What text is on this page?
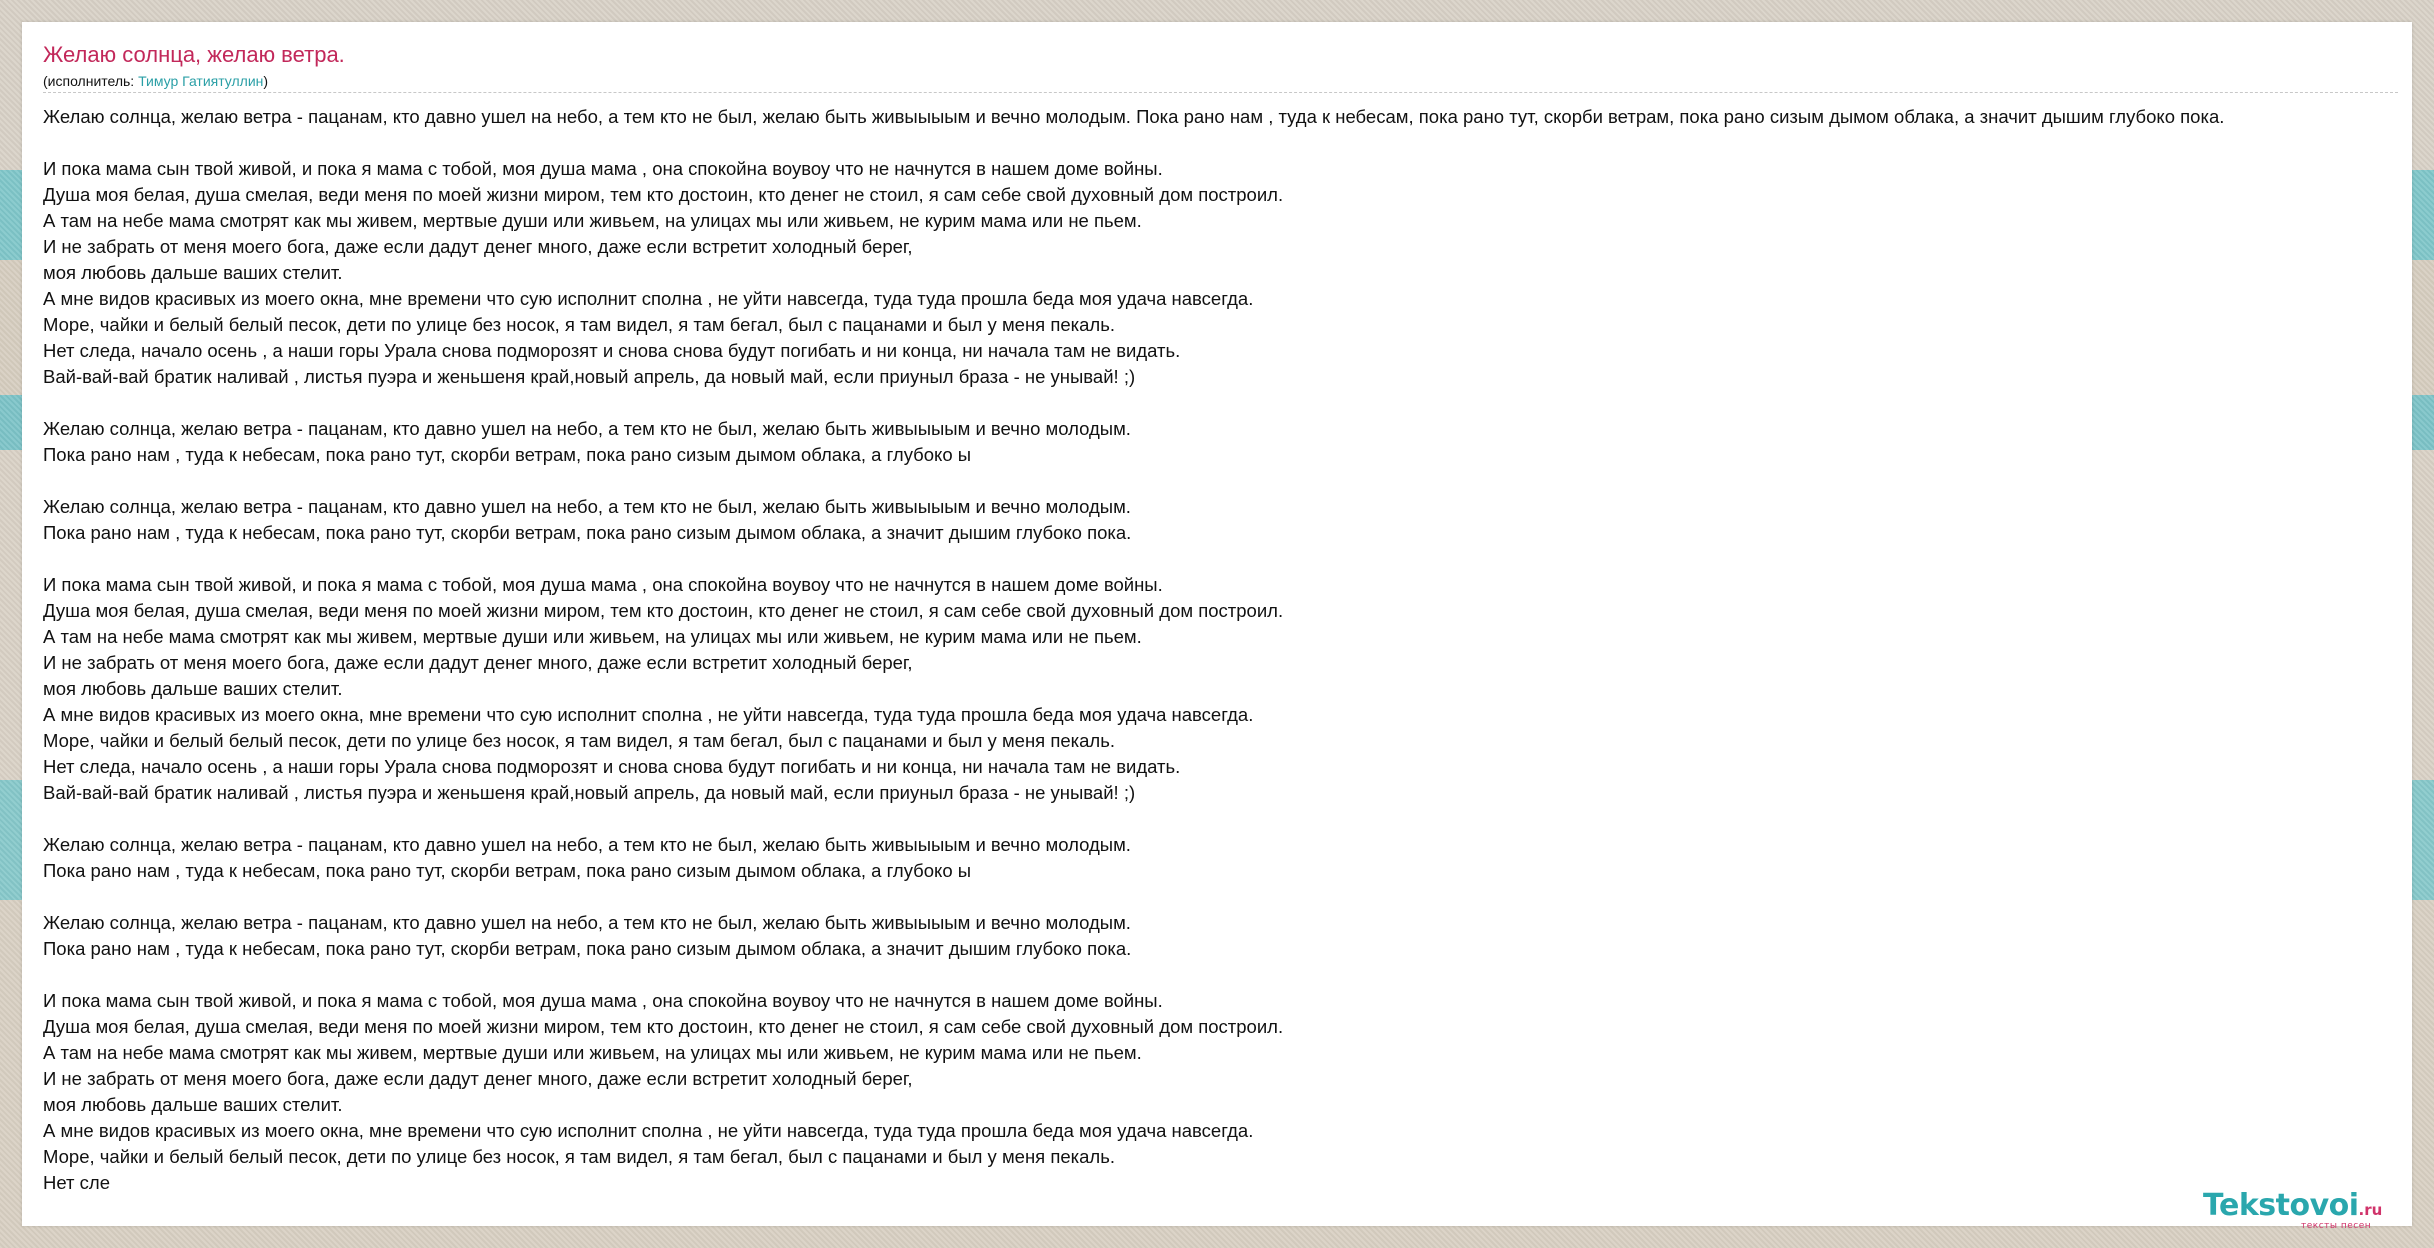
Желаю солнца, желаю ветра.
(исполнитель: Тимур Гатиятуллин)
Желаю солнца, желаю ветра - пацанам, кто давно ушел на небо, а тем кто не был, желаю быть живыыыым и вечно молодым. Пока рано нам , туда к небесам, пока рано тут, скорби ветрам, пока рано сизым дымом облака, а значит дышим глубоко пока.
И пока мама сын твой живой, и пока я мама с тобой, моя душа мама , она спокойна воувоу что не начнутся в нашем доме войны.
Душа моя белая, душа смелая, веди меня по моей жизни миром, тем кто достоин, кто денег не стоил, я сам себе свой духовный дом построил.
А там на небе мама смотрят как мы живем, мертвые души или живьем, на улицах мы или живьем, не курим мама или не пьем.
И не забрать от меня моего бога, даже если дадут денег много, даже если встретит холодный берег,
моя любовь дальше ваших стелит.
А мне видов красивых из моего окна, мне времени что сую исполнит сполна , не уйти навсегда, туда туда прошла беда моя удача навсегда.
Море, чайки и белый белый песок, дети по улице без носок, я там видел, я там бегал, был с пацанами и был у меня пекаль.
Нет следа, начало осень , а наши горы Урала снова подморозят и снова снова будут погибать и ни конца, ни начала там не видать.
Вай-вай-вай братик наливай , листья пуэра и женьшеня край,новый апрель, да новый май, если приуныл браза - не унывай! ;)
Желаю солнца, желаю ветра - пацанам, кто давно ушел на небо, а тем кто не был, желаю быть живыыыым и вечно молодым.
Пока рано нам , туда к небесам, пока рано тут, скорби ветрам, пока рано сизым дымом облака, а глубоко ы
Желаю солнца, желаю ветра - пацанам, кто давно ушел на небо, а тем кто не был, желаю быть живыыыым и вечно молодым.
Пока рано нам , туда к небесам, пока рано тут, скорби ветрам, пока рано сизым дымом облака, а значит дышим глубоко пока.
И пока мама сын твой живой, и пока я мама с тобой, моя душа мама , она спокойна воувоу что не начнутся в нашем доме войны.
Душа моя белая, душа смелая, веди меня по моей жизни миром, тем кто достоин, кто денег не стоил, я сам себе свой духовный дом построил.
А там на небе мама смотрят как мы живем, мертвые души или живьем, на улицах мы или живьем, не курим мама или не пьем.
И не забрать от меня моего бога, даже если дадут денег много, даже если встретит холодный берег,
моя любовь дальше ваших стелит.
А мне видов красивых из моего окна, мне времени что сую исполнит сполна , не уйти навсегда, туда туда прошла беда моя удача навсегда.
Море, чайки и белый белый песок, дети по улице без носок, я там видел, я там бегал, был с пацанами и был у меня пекаль.
Нет следа, начало осень , а наши горы Урала снова подморозят и снова снова будут погибать и ни конца, ни начала там не видать.
Вай-вай-вай братик наливай , листья пуэра и женьшеня край,новый апрель, да новый май, если приуныл браза - не унывай! ;)
Желаю солнца, желаю ветра - пацанам, кто давно ушел на небо, а тем кто не был, желаю быть живыыыым и вечно молодым.
Пока рано нам , туда к небесам, пока рано тут, скорби ветрам, пока рано сизым дымом облака, а глубоко ы
Желаю солнца, желаю ветра - пацанам, кто давно ушел на небо, а тем кто не был, желаю быть живыыыым и вечно молодым.
Пока рано нам , туда к небесам, пока рано тут, скорби ветрам, пока рано сизым дымом облака, а значит дышим глубоко пока.
И пока мама сын твой живой, и пока я мама с тобой, моя душа мама , она спокойна воувоу что не начнутся в нашем доме войны.
Душа моя белая, душа смелая, веди меня по моей жизни миром, тем кто достоин, кто денег не стоил, я сам себе свой духовный дом построил.
А там на небе мама смотрят как мы живем, мертвые души или живьем, на улицах мы или живьем, не курим мама или не пьем.
И не забрать от меня моего бога, даже если дадут денег много, даже если встретит холодный берег,
моя любовь дальше ваших стелит.
А мне видов красивых из моего окна, мне времени что сую исполнит сполна , не уйти навсегда, туда туда прошла беда моя удача навсегда.
Море, чайки и белый белый песок, дети по улице без носок, я там видел, я там бегал, был с пацанами и был у меня пекаль.
Нет сле
Tekstovoi.ru
тексты песен
